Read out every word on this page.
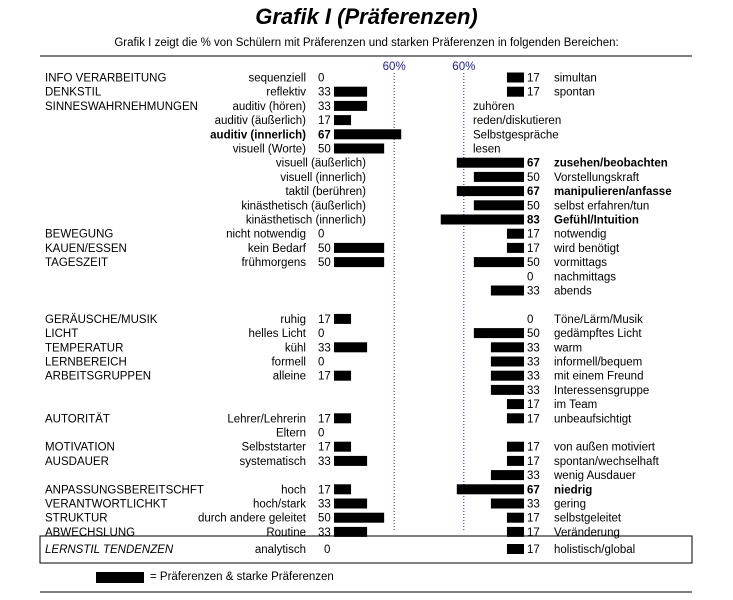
Grafik I (Präferenzen)
Grafik I zeigt die % von Schülern mit Präferenzen und starken Präferenzen in folgenden Bereichen:
60%	60%
INFO VERARBEITUNG	sequenziell 0	17 simultan
DENKSTIL	reflektiv 33	17 spontan
SINNESWAHRNEHMUNGEN	auditiv (hören) 33	zuhören
auditiv (äußerlich) 17	reden/diskutieren
auditiv (innerlich) 67	Selbstgespräche
visuell (Worte) 50	lesen
visuell (äußerlich)	67 zusehen/beobachten
visuell (innerlich)	50 Vorstellungskraft
taktil (berühren)	67 manipulieren/anfasse
kinästhetisch (äußerlich)	50 selbst erfahren/tun
kinästhetisch (innerlich)	83 Gefühl/Intuition
BEWEGUNG	nicht notwendig 0	17 notwendig
KAUEN/ESSEN	kein Bedarf 50	17 wird benötigt
TAGESZEIT	frühmorgens 50	50 vormittags
0 nachmittags
33 abends
GERÄUSCHE/MUSIK	ruhig 17	0 Töne/Lärm/Musik
LICHT	helles Licht 0	50 gedämpftes Licht
TEMPERATUR	kühl 33	33 warm
LERNBEREICH	formell 0	33 informell/bequem
ARBEITSGRUPPEN	alleine 17	33 mit einem Freund
33 Interessensgruppe
17 im Team
AUTORITÄT	Lehrer/Lehrerin 17	17 unbeaufsichtigt
Eltern 0
MOTIVATION	Selbststarter 17	17 von außen motiviert
AUSDAUER	systematisch 33	17 spontan/wechselhaft
33 wenig Ausdauer
ANPASSUNGSBEREITSCHFT	hoch 17	67 niedrig
VERANTWORTLICHKT	hoch/stark 33	33 gering
STRUKTUR	durch andere geleitet 50	17 selbstgeleitet
ABWECHSLUNG	Routine 33	17 Veränderung
LERNSTIL TENDENZEN	analytisch 0	17 holistisch/global
= Präferenzen & starke Präferenzen
